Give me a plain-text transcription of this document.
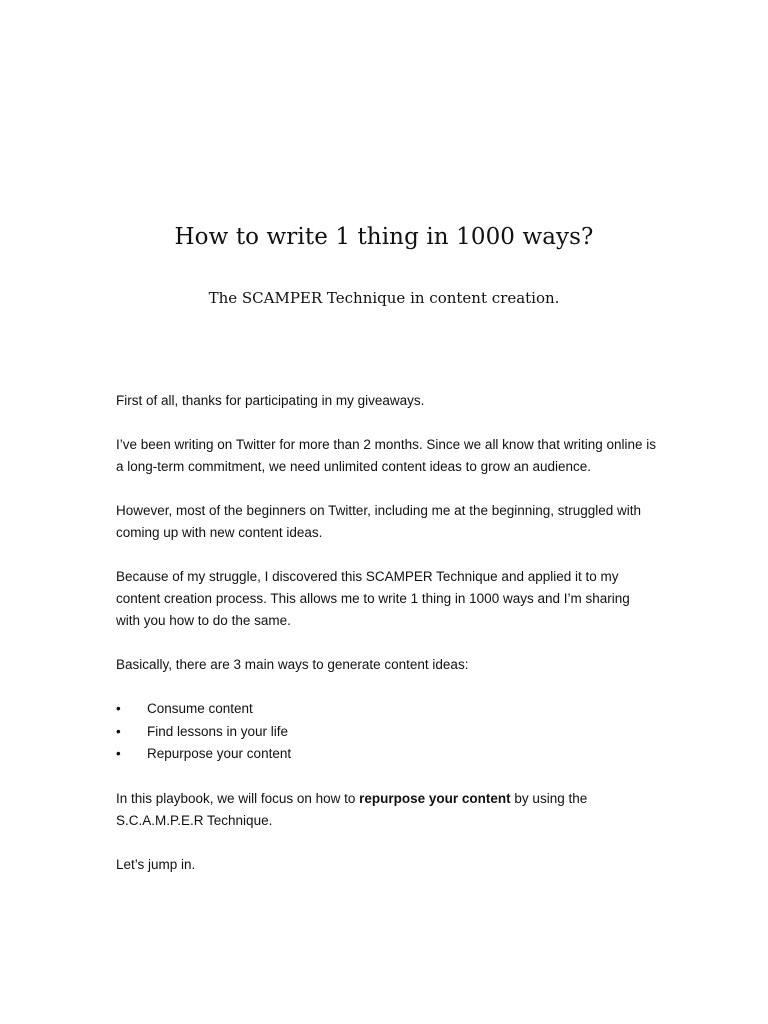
How to write 1 thing in 1000 ways?
The SCAMPER Technique in content creation.

First of all, thanks for participating in my giveaways.

I’ve been writing on Twitter for more than 2 months. Since we all know that writing online is a long-term commitment, we need unlimited content ideas to grow an audience.

However, most of the beginners on Twitter, including me at the beginning, struggled with coming up with new content ideas.

Because of my struggle, I discovered this SCAMPER Technique and applied it to my content creation process. This allows me to write 1 thing in 1000 ways and I’m sharing with you how to do the same.

Basically, there are 3 main ways to generate content ideas:

• Consume content
• Find lessons in your life
• Repurpose your content

In this playbook, we will focus on how to repurpose your content by using the S.C.A.M.P.E.R Technique.

Let’s jump in.
